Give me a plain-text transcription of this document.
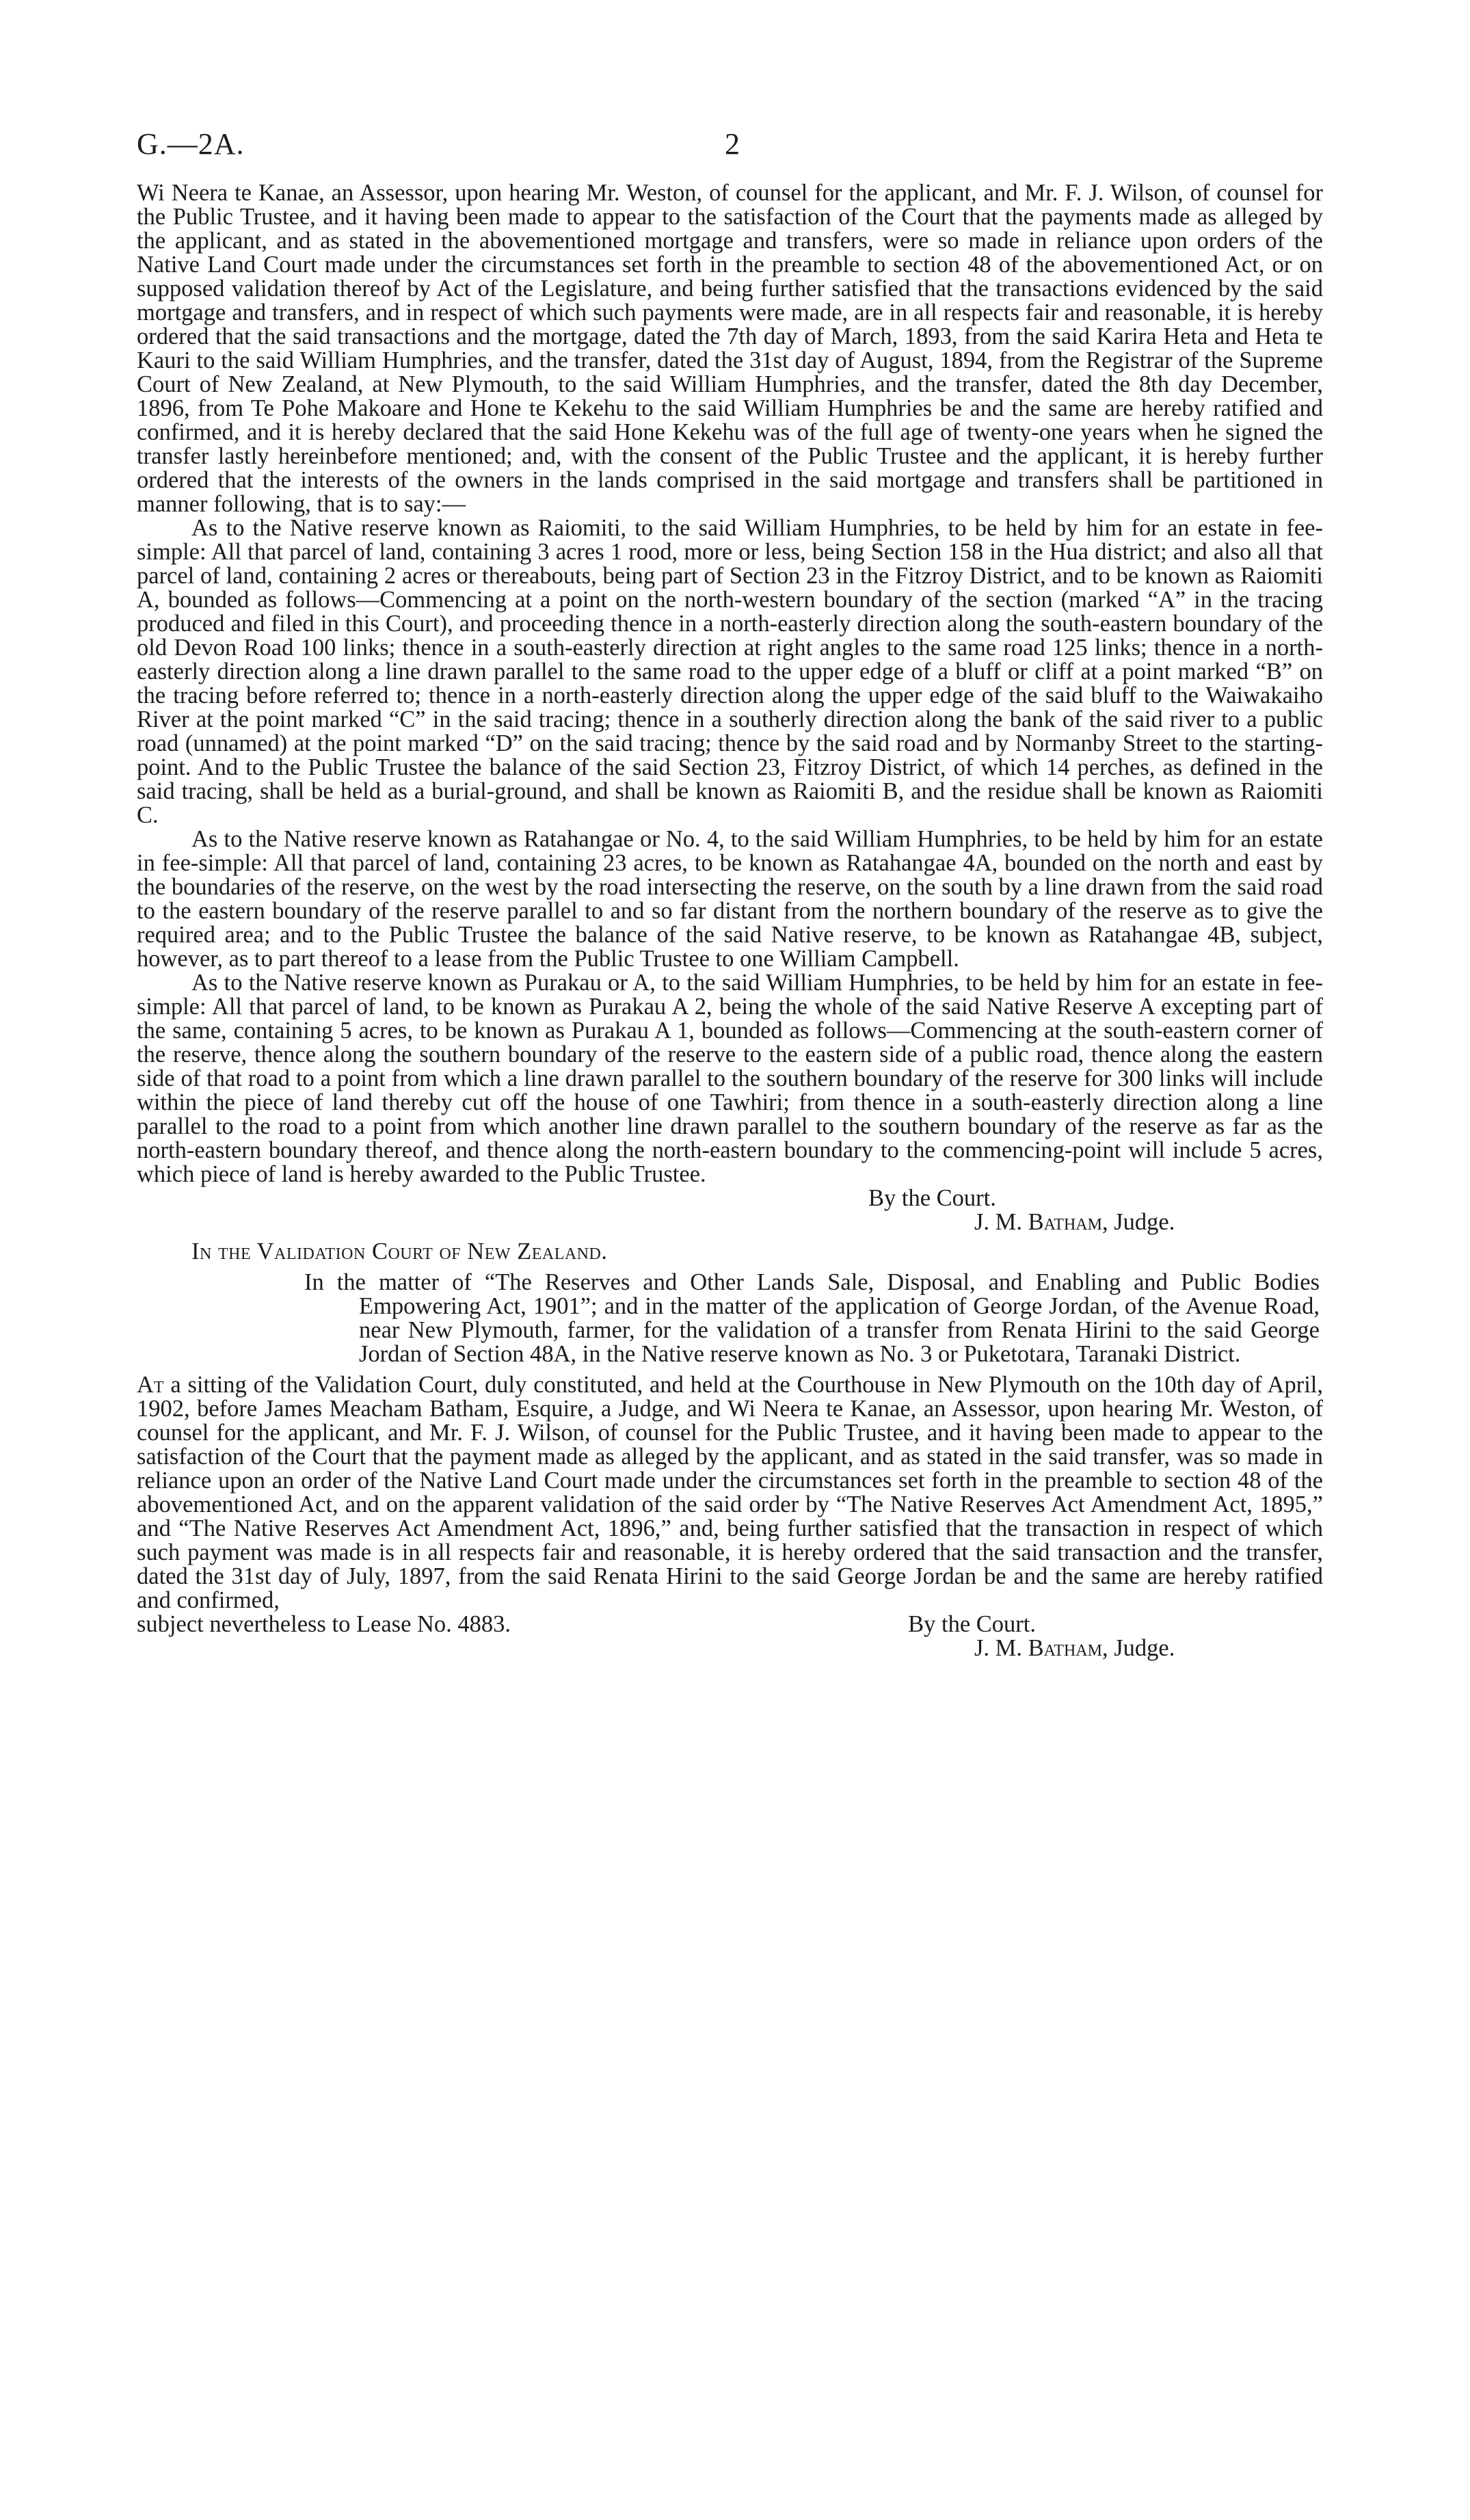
G.—2A.	2

Wi Neera te Kanae, an Assessor, upon hearing Mr. Weston, of counsel for the applicant, and Mr. F. J. Wilson, of counsel for the Public Trustee, and it having been made to appear to the satisfaction of the Court that the payments made as alleged by the applicant, and as stated in the abovementioned mortgage and transfers, were so made in reliance upon orders of the Native Land Court made under the circumstances set forth in the preamble to section 48 of the abovementioned Act, or on supposed validation thereof by Act of the Legislature, and being further satisfied that the transactions evidenced by the said mortgage and transfers, and in respect of which such payments were made, are in all respects fair and reasonable, it is hereby ordered that the said transactions and the mortgage, dated the 7th day of March, 1893, from the said Karira Heta and Heta te Kauri to the said William Humphries, and the transfer, dated the 31st day of August, 1894, from the Registrar of the Supreme Court of New Zealand, at New Plymouth, to the said William Humphries, and the transfer, dated the 8th day December, 1896, from Te Pohe Makoare and Hone te Kekehu to the said William Humphries be and the same are hereby ratified and confirmed, and it is hereby declared that the said Hone Kekehu was of the full age of twenty-one years when he signed the transfer lastly hereinbefore mentioned; and, with the consent of the Public Trustee and the applicant, it is hereby further ordered that the interests of the owners in the lands comprised in the said mortgage and transfers shall be partitioned in manner following, that is to say:—

As to the Native reserve known as Raiomiti, to the said William Humphries, to be held by him for an estate in fee-simple: All that parcel of land, containing 3 acres 1 rood, more or less, being Section 158 in the Hua district; and also all that parcel of land, containing 2 acres or thereabouts, being part of Section 23 in the Fitzroy District, and to be known as Raiomiti A, bounded as follows—Commencing at a point on the north-western boundary of the section (marked “A” in the tracing produced and filed in this Court), and proceeding thence in a north-easterly direction along the south-eastern boundary of the old Devon Road 100 links; thence in a south-easterly direction at right angles to the same road 125 links; thence in a north-easterly direction along a line drawn parallel to the same road to the upper edge of a bluff or cliff at a point marked “B” on the tracing before referred to; thence in a north-easterly direction along the upper edge of the said bluff to the Waiwakaiho River at the point marked “C” in the said tracing; thence in a southerly direction along the bank of the said river to a public road (unnamed) at the point marked “D” on the said tracing; thence by the said road and by Normanby Street to the starting-point. And to the Public Trustee the balance of the said Section 23, Fitzroy District, of which 14 perches, as defined in the said tracing, shall be held as a burial-ground, and shall be known as Raiomiti B, and the residue shall be known as Raiomiti C.

As to the Native reserve known as Ratahangae or No. 4, to the said William Humphries, to be held by him for an estate in fee-simple: All that parcel of land, containing 23 acres, to be known as Ratahangae 4A, bounded on the north and east by the boundaries of the reserve, on the west by the road intersecting the reserve, on the south by a line drawn from the said road to the eastern boundary of the reserve parallel to and so far distant from the northern boundary of the reserve as to give the required area; and to the Public Trustee the balance of the said Native reserve, to be known as Ratahangae 4B, subject, however, as to part thereof to a lease from the Public Trustee to one William Campbell.

As to the Native reserve known as Purakau or A, to the said William Humphries, to be held by him for an estate in fee-simple: All that parcel of land, to be known as Purakau A 2, being the whole of the said Native Reserve A excepting part of the same, containing 5 acres, to be known as Purakau A 1, bounded as follows—Commencing at the south-eastern corner of the reserve, thence along the southern boundary of the reserve to the eastern side of a public road, thence along the eastern side of that road to a point from which a line drawn parallel to the southern boundary of the reserve for 300 links will include within the piece of land thereby cut off the house of one Tawhiri; from thence in a south-easterly direction along a line parallel to the road to a point from which another line drawn parallel to the southern boundary of the reserve as far as the north-eastern boundary thereof, and thence along the north-eastern boundary to the commencing-point will include 5 acres, which piece of land is hereby awarded to the Public Trustee.

By the Court.
J. M. Batham, Judge.
In the Validation Court of New Zealand.

In the matter of “The Reserves and Other Lands Sale, Disposal, and Enabling and Public Bodies Empowering Act, 1901”; and in the matter of the application of George Jordan, of the Avenue Road, near New Plymouth, farmer, for the validation of a transfer from Renata Hirini to the said George Jordan of Section 48A, in the Native reserve known as No. 3 or Puketotara, Taranaki District.

At a sitting of the Validation Court, duly constituted, and held at the Courthouse in New Plymouth on the 10th day of April, 1902, before James Meacham Batham, Esquire, a Judge, and Wi Neera te Kanae, an Assessor, upon hearing Mr. Weston, of counsel for the applicant, and Mr. F. J. Wilson, of counsel for the Public Trustee, and it having been made to appear to the satisfaction of the Court that the payment made as alleged by the applicant, and as stated in the said transfer, was so made in reliance upon an order of the Native Land Court made under the circumstances set forth in the preamble to section 48 of the abovementioned Act, and on the apparent validation of the said order by “The Native Reserves Act Amendment Act, 1895,” and “The Native Reserves Act Amendment Act, 1896,” and, being further satisfied that the transaction in respect of which such payment was made is in all respects fair and reasonable, it is hereby ordered that the said transaction and the transfer, dated the 31st day of July, 1897, from the said Renata Hirini to the said George Jordan be and the same are hereby ratified and confirmed,

subject nevertheless to Lease No. 4883.	By the Court.
J. M. Batham, Judge.
